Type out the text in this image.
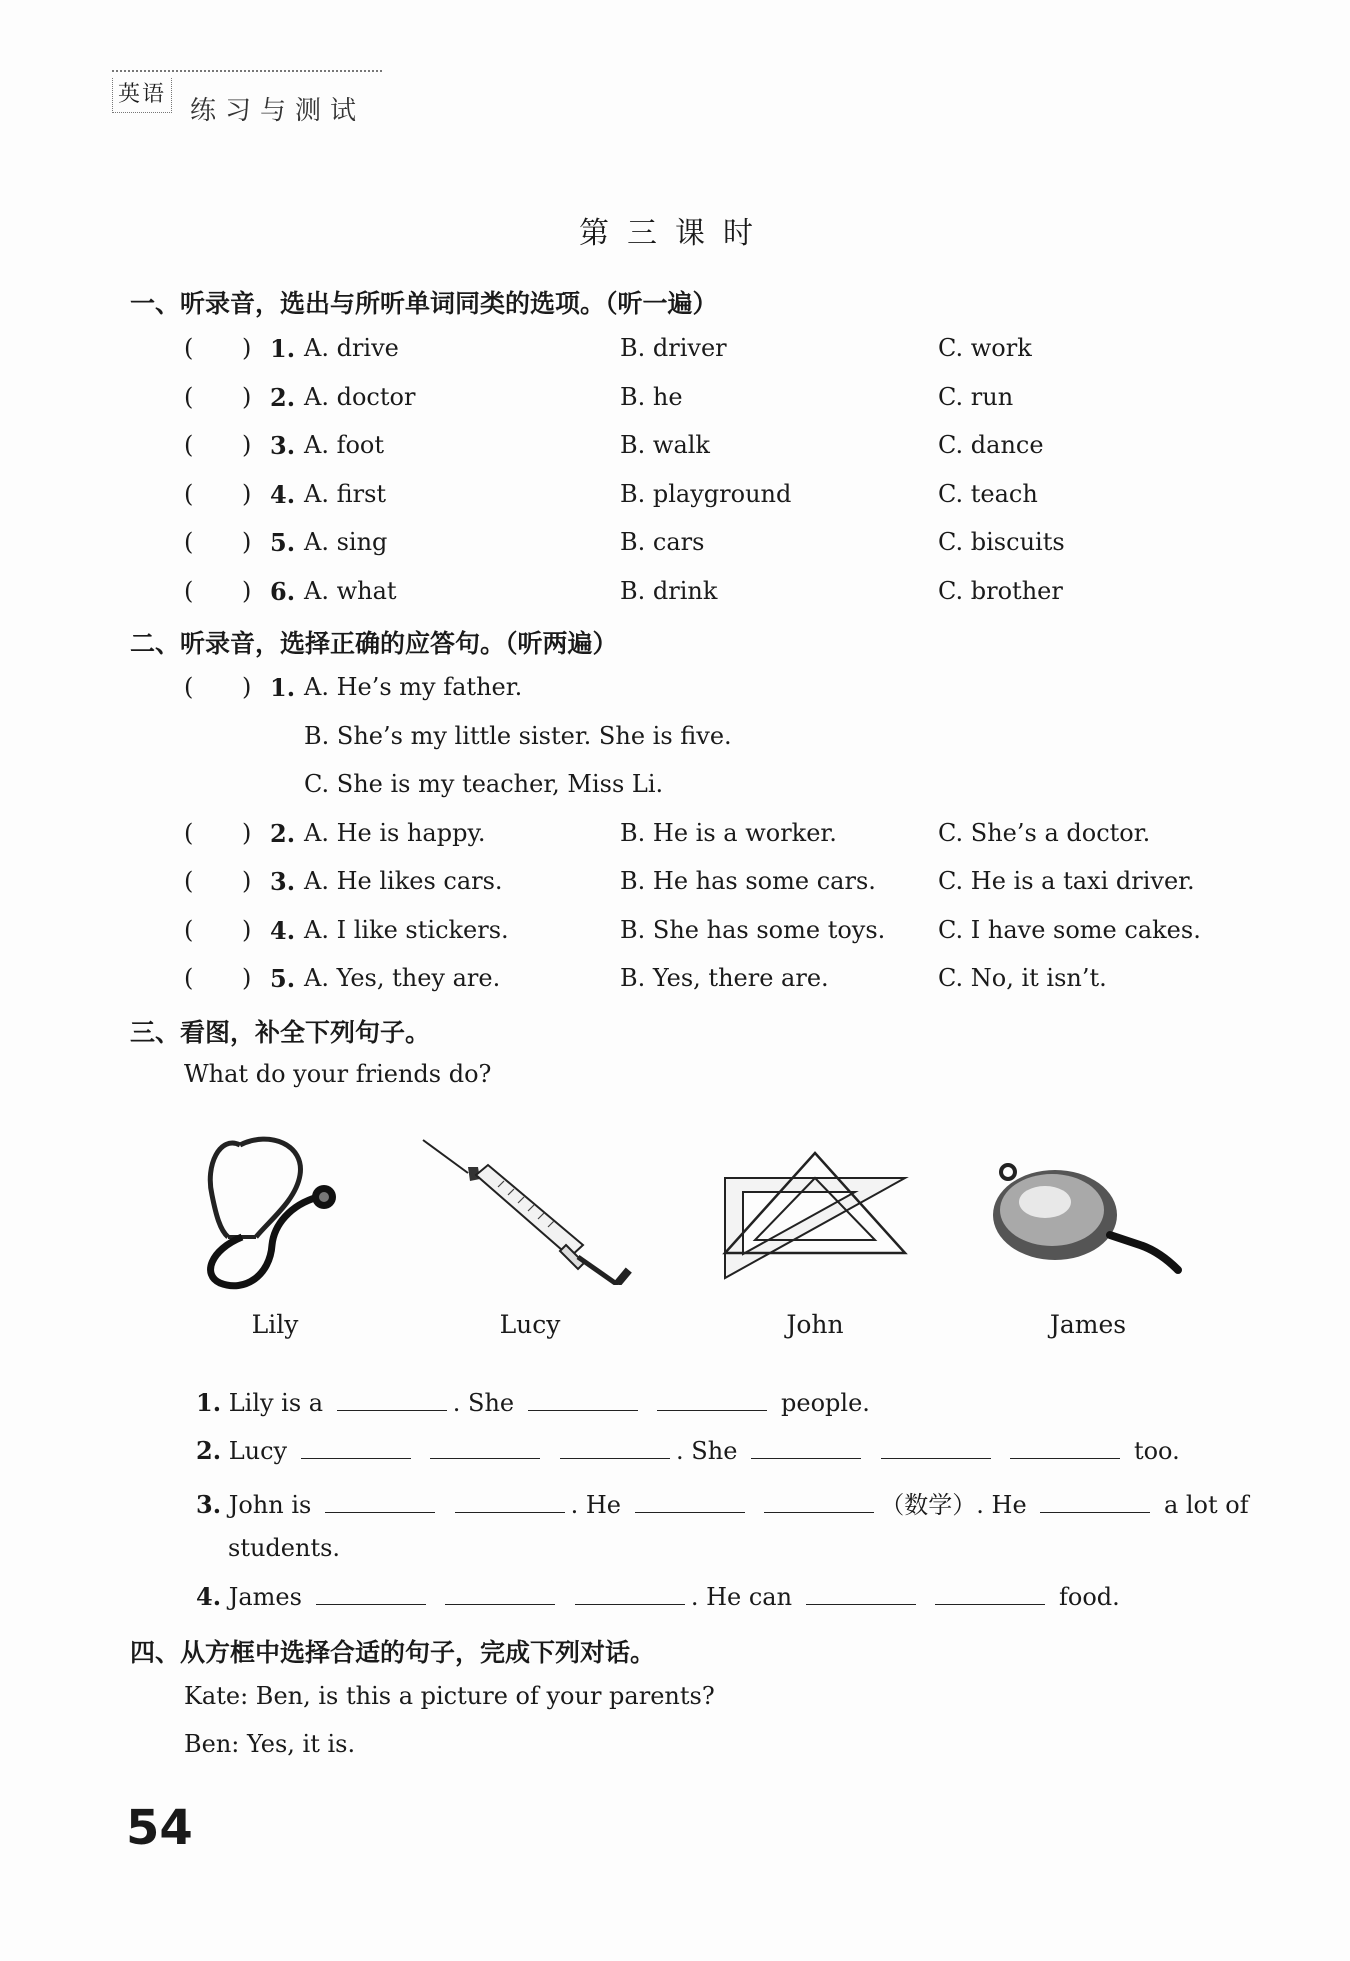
英语
练习与测试
第三课时
一、听录音，选出与所听单词同类的选项。（听一遍）
( ) 1. A. drive	B. driver	C. work
( ) 2. A. doctor	B. he	C. run
( ) 3. A. foot	B. walk	C. dance
( ) 4. A. first	B. playground	C. teach
( ) 5. A. sing	B. cars	C. biscuits
( ) 6. A. what	B. drink	C. brother
二、听录音，选择正确的应答句。（听两遍）
( ) 1. A. He’s my father.
B. She’s my little sister. She is five.
C. She is my teacher, Miss Li.
( ) 2. A. He is happy.	B. He is a worker.	C. She’s a doctor.
( ) 3. A. He likes cars.	B. He has some cars.	C. He is a taxi driver.
( ) 4. A. I like stickers.	B. She has some toys. C. I have some cakes.
( ) 5. A. Yes, they are.	B. Yes, there are.	C. No, it isn’t.
三、看图，补全下列句子。
What do your friends do?
Lily	Lucy	John	James
1. Lily is a	. She	people.
2. Lucy	. She	too.
3. John is	. He	（数学）. He	a lot of
students.
4. James	. He can	food.
四、从方框中选择合适的句子，完成下列对话。
Kate: Ben, is this a picture of your parents?
Ben: Yes, it is.
54
